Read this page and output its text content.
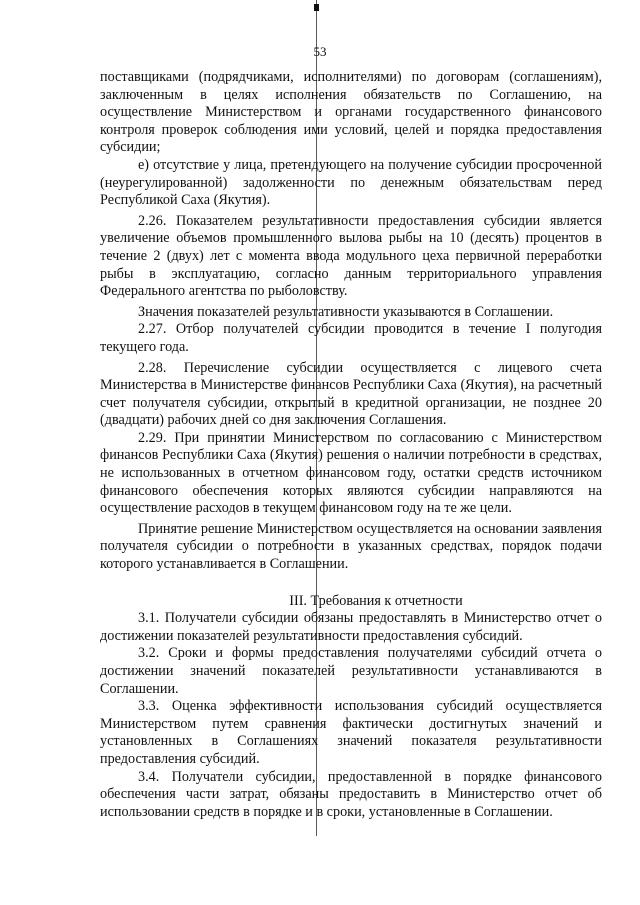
53

поставщиками (подрядчиками, исполнителями) по договорам (соглашениям), заключенным в целях исполнения обязательств по Соглашению, на осуществление Министерством и органами государственного финансового контроля проверок соблюдения ими условий, целей и порядка предоставления субсидии;

е) отсутствие у лица, претендующего на получение субсидии просроченной (неурегулированной) задолженности по денежным обязательствам перед Республикой Саха (Якутия).

2.26. Показателем результативности предоставления субсидии является увеличение объемов промышленного вылова рыбы на 10 (десять) процентов в течение 2 (двух) лет с момента ввода модульного цеха первичной переработки рыбы в эксплуатацию, согласно данным территориального управления Федерального агентства по рыболовству.

Значения показателей результативности указываются в Соглашении.

2.27. Отбор получателей субсидии проводится в течение I полугодия текущего года.

2.28. Перечисление субсидии осуществляется с лицевого счета Министерства в Министерстве финансов Республики Саха (Якутия), на расчетный счет получателя субсидии, открытый в кредитной организации, не позднее 20 (двадцати) рабочих дней со дня заключения Соглашения.

2.29. При принятии Министерством по согласованию с Министерством финансов Республики Саха (Якутия) решения о наличии потребности в средствах, не использованных в отчетном финансовом году, остатки средств источником финансового обеспечения которых являются субсидии направляются на осуществление расходов в текущем финансовом году на те же цели.

Принятие решение Министерством осуществляется на основании заявления получателя субсидии о потребности в указанных средствах, порядок подачи которого устанавливается в Соглашении.

III. Требования к отчетности

3.1. Получатели субсидии обязаны предоставлять в Министерство отчет о достижении показателей результативности предоставления субсидий.

3.2. Сроки и формы предоставления получателями субсидий отчета о достижении значений показателей результативности устанавливаются в Соглашении.

3.3. Оценка эффективности использования субсидий осуществляется Министерством путем сравнения фактически достигнутых значений и установленных в Соглашениях значений показателя результативности предоставления субсидий.

3.4. Получатели субсидии, предоставленной в порядке финансового обеспечения части затрат, обязаны предоставить в Министерство отчет об использовании средств в порядке и в сроки, установленные в Соглашении.
